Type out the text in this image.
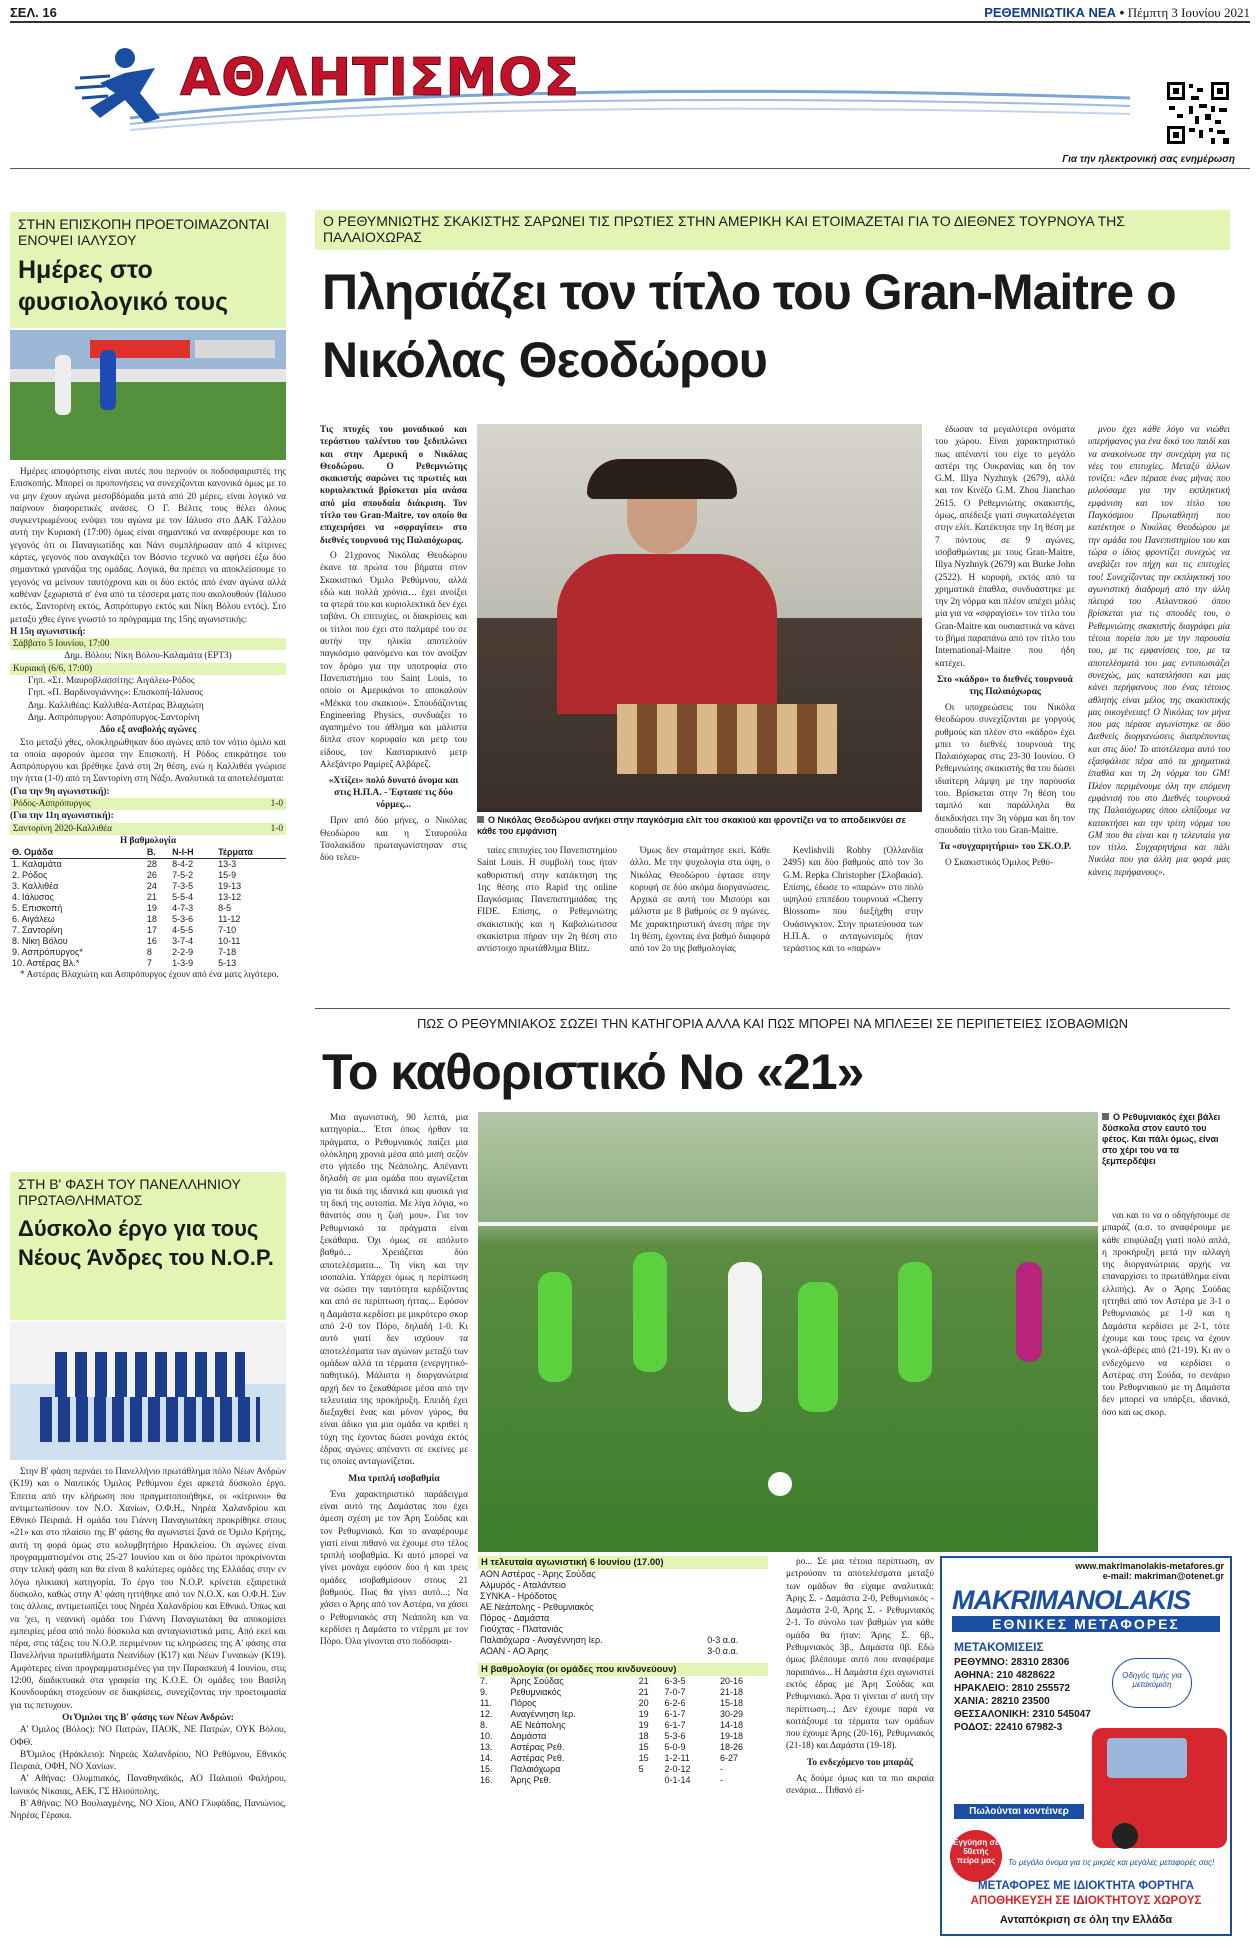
ΣΕΛ. 16	ΡΕΘΕΜΝΙΩΤΙΚΑ ΝΕΑ • Πέμπτη 3 Ιουνίου 2021
ΑΘΛΗΤΙΣΜΟΣ
Για την ηλεκτρονική σας ενημέρωση
ΣΤΗΝ ΕΠΙΣΚΟΠΗ ΠΡΟΕΤΟΙΜΑΖΟΝΤΑΙ ΕΝΟΨΕΙ ΙΑΛΥΣΟΥ
Ημέρες στο φυσιολογικό τους

Ημέρες αποφόρτισης είναι αυτές που περνούν οι ποδοσφαιριστές της Επισκοπής. Μπορεί οι προπονήσεις να συνεχίζονται κανονικά όμως με το να μην έχουν αγώνα μεσοβδόμαδα μετά από 20 μέρες, είναι λογικό να παίρνουν διαφορετικές ανάσες. Ο Γ. Βέλιτς τους θέλει όλους συγκεντρωμένους ενόψει του αγώνα με τον Ιάλυσο στο ΔΑΚ Γάλλου αυτή την Κυριακή (17:00) όμως είναι σημαντικό να αναφέρουμε και το γεγονός ότι οι Παναγιωτίδης και Νάνι συμπλήρωσαν από 4 κίτρινες κάρτες, γεγονός που αναγκάζει τον Βόσνιο τεχνικό να αφήσει έξω δύο σημαντικά γρανάζια της ομάδας. Λογικά, θα πρέπει να αποκλείσουμε το γεγονός να μείνουν ταυτόχρονα και οι δύο εκτός από έναν αγώνα αλλά καθέναν ξεχωριστά σ' ένα από τα τέσσερα ματς που ακολουθούν (Ιάλυσο εκτός, Σαντορίνη εκτός, Ασπρόπυργο εκτός και Νίκη Βόλου εντός). Στο μεταξύ χθες έγινε γνωστό το πρόγραμμα της 15ης αγωνιστικής:

Η 15η αγωνιστική:
Σάββατο 5 Ιουνίου, 17:00
Δημ. Βόλου: Νίκη Βόλου-Καλαμάτα (ΕΡΤ3)
Κυριακή (6/6, 17:00)
Γηπ. «Στ. Μαυροβλασσίτης: Αιγάλεω-Ρόδος
Γηπ. «Π. Βαρδινογιάννης»: Επισκοπή-Ιάλυσος
Δημ. Καλλιθέας: Καλλιθέα-Αστέρας Βλαχιώτη
Δημ. Ασπρόπυργου: Ασπρόπυργος-Σαντορίνη
Δύο εξ αναβολής αγώνες

Στο μεταξύ χθες, ολοκληρώθηκαν δύο αγώνες από τον νότιο όμιλο και τα οποία αφορούν άμεσα την Επισκοπή. Η Ρόδος επικράτησε του Ασπρόπυργου και βρέθηκε ξανά στη 2η θέση, ενώ η Καλλιθέα γνώρισε την ήττα (1-0) από τη Σαντορίνη στη Νάξο. Αναλυτικά τα αποτελέσματα:

(Για την 9η αγωνιστική):
Ρόδος-Ασπρόπυργος	1-0
(Για την 11η αγωνιστική):
Σαντορίνη 2020-Καλλιθέα	1-0
Η βαθμολογία
Θ. Ομάδα	Β.	Ν-Ι-Η	Τέρματα
1. Καλαμάτα	28	8-4-2	13-3
2. Ρόδος	26	7-5-2	15-9
3. Καλλιθέα	24	7-3-5	19-13
4. Ιάλυσος	21	5-5-4	13-12
5. Επισκοπή	19	4-7-3	8-5
6. Αιγάλεω	18	5-3-6	11-12
7. Σαντορίνη	17	4-5-5	7-10
8. Νίκη Βόλου	16	3-7-4	10-11
9. Ασπρόπυργος*	8	2-2-9	7-18
10. Αστέρας Βλ.*	7	1-3-9	5-13

* Αστέρας Βλαχιώτη και Ασπρόπυργος έχουν από ένα ματς λιγότερο.

ΣΤΗ Β' ΦΑΣΗ ΤΟΥ ΠΑΝΕΛΛΗΝΙΟΥ ΠΡΩΤΑΘΛΗΜΑΤΟΣ
Δύσκολο έργο για τους Νέους Άνδρες του Ν.Ο.Ρ.

Στην Β' φάση περνάει το Πανελλήνιο πρωτάθλημα πόλο Νέων Ανδρών (Κ19) και ο Ναυτικός Όμιλος Ρεθύμνου έχει αρκετά δύσκολο έργο. Έπειτα από την κλήρωση που πραγματοποιήθηκε, οι «κίτρινοι» θα αντιμετωπίσουν τον Ν.Ο. Χανίων, Ο.Φ.Η., Νηρέα Χαλανδρίου και Εθνικό Πειραιά. Η ομάδα του Γιάννη Παναγιωτάκη προκρίθηκε στους «21» και στο πλαίσιο της Β' φάσης θα αγωνιστεί ξανά σε Όμιλο Κρήτης, αυτή τη φορά όμως στο κολυμβητήριο Ηρακλείου. Οι αγώνες είναι προγραμματισμένοι στις 25-27 Ιουνίου και οι δύο πρώτοι προκρίνονται στην τελική φάση και θα είναι 8 καλύτερες ομάδες της Ελλάδας στην εν λόγω ηλικιακή κατηγορία. Το έργο του Ν.Ο.Ρ. κρίνεται εξαιρετικά δύσκολο, καθώς στην Α' φάση ηττήθηκε από τον Ν.Ο.Χ. και Ο.Φ.Η. Συν τοις άλλοις, αντιμετωπίζει τους Νηρέα Χαλανδρίου και Εθνικό. Όπως και να 'χει, η νεανική ομάδα του Γιάννη Παναγιωτάκη θα αποκομίσει εμπειρίες μέσα από πολύ δύσκολα και ανταγωνιστικά ματς. Από εκεί και πέρα, στις τάξεις του Ν.Ο.Ρ. περιμένουν τις κληρώσεις της Α' φάσης στα Πανελλήνια πρωταθλήματα Νεανίδων (Κ17) και Νέων Γυναικών (Κ19). Αμφότερες είναι προγραμματισμένες για την Παρασκευή 4 Ιουνίου, στις 12:00, διαδικτυακά στα γραφεία της Κ.Ο.Ε. Οι ομάδες του Βασίλη Κουνδουράκη στοχεύουν σε διακρίσεις, συνεχίζοντας την προετοιμασία για τις πετυχουν.

Οι Όμιλοι της Β' φάσης των Νέων Ανδρών:

Α' Όμιλος (Βόλος): ΝΟ Πατρών, ΠΑΟΚ, ΝΕ Πατρών, ΟΥΚ Βόλου, ΟΦΘ.

Β'Όμιλος (Ηράκλειο): Νηρεάς Χαλανδρίου, ΝΟ Ρεθύμνου, Εθνικός Πειραιά, ΟΦΗ, ΝΟ Χανίων.

Α' Αθήνας: Ολυμπιακός, Παναθηναϊκός, ΑΟ Παλαιού Φαλήρου, Ιωνικός Νίκαιας, ΑΕΚ, ΓΣ Ηλιούπολης.

Β' Αθήνας: ΝΟ Βουλιαγμένης, ΝΟ Χίου, ΑΝΟ Γλυφάδας, Πανιώνιος, Νηρέας Γέρακα.

Ο ΡΕΘΥΜΝΙΩΤΗΣ ΣΚΑΚΙΣΤΗΣ ΣΑΡΩΝΕΙ ΤΙΣ ΠΡΩΤΙΕΣ ΣΤΗΝ ΑΜΕΡΙΚΗ ΚΑΙ ΕΤΟΙΜΑΖΕΤΑΙ ΓΙΑ ΤΟ ΔΙΕΘΝΕΣ ΤΟΥΡΝΟΥΑ ΤΗΣ ΠΑΛΑΙΟΧΩΡΑΣ
Πλησιάζει τον τίτλο του Gran-Maitre ο Νικόλας Θεοδώρου
Τις πτυχές του μοναδικού και τεράστιου ταλέντου του ξεδιπλώνει και στην Αμερική ο Νικόλας Θεοδώρου. Ο Ρεθεμνιώτης σκακιστής σαρώνει τις πρωτιές και κυριολεκτικά βρίσκεται μία ανάσα από μία σπουδαία διάκριση. Τον τίτλο του Gran-Maitre, τον οποίο θα επιχειρήσει να «σφραγίσει» στο διεθνές τουρνουά της Παλαιόχωρας.

Ο 21χρονος Νικόλας Θεοδώρου έκανε τα πρώτα του βήματα στον Σκακιστικό Όμιλο Ρεθύμνου, αλλά εδώ και πολλά χρόνια… έχει ανοίξει τα φτερά του και κυριολεκτικά δεν έχει ταβάνι. Οι επιτυχίες, οι διακρίσεις και οι τίτλοι που έχει στο παλμαρέ του σε αυτήν την ηλικία αποτελούν παγκόσμιο φαινόμενο και τον ανοίξαν τον δρόμο για την υποτροφία στο Πανεπιστήμιο του Saint Louis, το οποίο οι Αμερικάνοι το αποκαλούν «Μέκκα του σκακιού». Σπουδάζοντας Engineering Physics, συνδυάζει το αγαπημένο του άθλημα και μάλιστα δίπλα στον κορυφαίο και μετρ του είδους, τον Κασταρικανό μετρ Αλεξάντρο Ραμίρεζ Αλβάρεζ.

«Χτίζει» πολύ δυνατό όνομα και στις Η.Π.Α. - Έφτασε τις δύο νόρμες...

Πριν από δύο μήνες, ο Νικόλας Θεοδώρου και η Σταυρούλα Τσολακίδου πρωταγωνίστησαν στις δύο τελευ-

Ο Νικόλας Θεοδώρου ανήκει στην παγκόσμια ελίτ του σκακιού και φροντίζει να το αποδεικνύει σε κάθε του εμφάνιση

ταίες επιτυχίες του Πανεπιστημίου Saint Louis. Η συμβολή τους ήταν καθοριστική στην κατάκτηση της 1ης θέσης στο Rapid της online Παγκόσμιας Πανεπιστημιάδας της FIDE. Επίσης, ο Ρεθεμνιώτης σκακιστικής και η Καβαλιώτισσα σκακίστρια πήραν την 2η θέση στο αντίστοιχο πρωτάθλημα Blitz.

Όμως δεν σταμάτησε εκεί. Κάθε άλλο. Με την ψυχολογία στα ύψη, ο Νικόλας Θεοδώρου έφτασε στην κορυφή σε δύο ακόμα διοργανώσεις. Αρχικά σε αυτή του Μισούρι και μάλιστα με 8 βαθμούς σε 9 αγώνες. Με χαρακτηριστική άνεση πήρε την 1η θέση, έχοντας ένα βαθμό διαφορά από τον 2ο της βαθμολογίας

Kevlishvili Robby (Ολλανδία 2495) και δύο βαθμούς από τον 3ο G.M. Repka Christopher (Σλοβακία). Επίσης, έδωσε το «παρών» στο πολύ υψηλού επιπέδου τουρνουά «Cherry Blossom» που διεξήχθη στην Ουάσινγκτον. Στην πρωτεύουσα των Η.Π.Α. ο ανταγωνισμός ήταν τεράστιος και το «παρών»

έδωσαν τα μεγαλύτερα ονόματα του χώρου. Είναι χαρακτηριστικό πως απέναντί του είχε το μεγάλο αστέρι της Ουκρανίας και δη τον G.M. Illya Nyzhnyk (2679), αλλά και τον Κινέζο G.M. Zhou Jianchao 2615. Ο Ρεθεμνιώτης σκακιστής, όμως, απέδειξε γιατί συγκαταλέγεται στην ελίτ. Κατέκτησε την 1η θέση με 7 πόντους σε 9 αγώνες, ισοβαθμώντας με τους Gran-Maitre, Illya Nyzhnyk (2679) και Burke John (2522). Η κορυφή, εκτός από τα χρηματικά έπαθλα, συνδυάστηκε με την 2η νόρμα και πλέον απέχει μόλις μία για να «σφραγίσει» τον τίτλο του Gran-Maitre και ουσιαστικά να κάνει το βήμα παραπάνω από τον τίτλο του International-Maitre που ήδη κατέχει.

Στο «κάδρο» το διεθνές τουρνουά της Παλαιόχωρας

Οι υποχρεώσεις του Νικόλα Θεοδώρου συνεχίζονται με γοργούς ρυθμούς και πλέον στο «κάδρο» έχει μπει το διεθνές τουρνουά της Παλαιόχωρας στις 23-30 Ιουνίου. Ο Ρεθεμνιώτης σκακιστής θα του δώσει ιδιαίτερη λάμψη με την παρουσία του. Βρίσκεται στην 7η θέση του ταμπλό και παράλληλα θα διεκδικήσει την 3η νόρμα και δη τον σπουδαίο τίτλο του Gran-Maitre.

Τα «συγχαρητήρια» του ΣΚ.Ο.Ρ.

Ο Σκακιστικός Όμιλος Ρεθύ-

μνου έχει κάθε λόγο να νιώθει υπερήφανος για ένα δικό του παιδί και να ανακοίνωσε την συνεχάρη για τις νέες του επιτυχίες. Μεταξύ άλλων τονίζει: «Δεν πέρασε ένας μήνας που μιλούσαμε για την εκπληκτική εμφάνιση και τον τίτλο του Παγκόσμιου Πρωταθλητή που κατέκτησε ο Νικόλας Θεοδώρου με την ομάδα του Πανεπιστημίου του και τώρα ο ίδιος φροντίζει συνεχώς να ανεβάζει τον πήχη και τις επιτυχίες του! Συνεχίζοντας την εκπληκτική του αγωνιστική διαδρομή από την άλλη πλευρά του Ατλαντικού όπου βρίσκεται για τις σπουδές του, ο Ρεθεμνιώτης σκακιστής διαγράφει μία τέτοια πορεία που με την παρουσία του, με τις εμφανίσεις του, με τα αποτελέσματά του μας εντυπωσιάζει συνεχώς, μας καταπλήσσει και μας κάνει περήφανους που ένας τέτοιος αθλητής είναι μέλος της σκακιστικής μας οικογένειας! Ο Νικόλας τον μήνα που μας πέρασε αγωνίστηκε σε δύο Διεθνείς διοργανώσεις διαπρέποντας και στις δύο! Το αποτέλεσμα αυτό του εξασφάλισε πέρα από τα χρηματικά έπαθλα και τη 2η νόρμα του GM! Πλέον περιμένουμε όλη την επόμενη εμφάνισή του στο Διεθνές τουρνουά της Παλαιόχωρας όπου ελπίζουμε να κατακτήσει και την τρίτη νόρμα του GM που θα είναι και η τελευταία για τον τίτλο. Συγχαρητήρια και πάλι Νικόλα που για άλλη μια φορά μας κάνεις περήφανους».

ΠΩΣ Ο ΡΕΘΥΜΝΙΑΚΟΣ ΣΩΖΕΙ ΤΗΝ ΚΑΤΗΓΟΡΙΑ ΑΛΛΑ ΚΑΙ ΠΩΣ ΜΠΟΡΕΙ ΝΑ ΜΠΛΕΞΕΙ ΣΕ ΠΕΡΙΠΕΤΕΙΕΣ ΙΣΟΒΑΘΜΙΩΝ
Το καθοριστικό Νο «21»

Μια αγωνιστική, 90 λεπτά, μια κατηγορία... Έτσι όπως ήρθαν τα πράγματα, ο Ρεθυμνιακός παίζει μια ολόκληρη χρονιά μέσα από μισή σεζόν στο γήπεδο της Νεάπολης. Απέναντι δηλαδή σε μια ομάδα που αγωνίζεται για τα δικά της ιδανικά και φυσικά για τη δική της ουτοπία. Με λίγα λόγια, «ο θάνατός σου η ζωή μου». Για τον Ρεθυμνιακό τα πράγματα είναι ξεκάθαρα. Όχι όμως σε απόλυτο βαθμό... Χρειάζεται δύο αποτελέσματα... Τη νίκη και την ισοπαλία. Υπάρχει όμως η περίπτωση να σώσει την ταυτότητα κερδίζοντας και από σε περίπτωση ήττας... Εφόσον η Δαμάστα κερδίσει με μικρότερο σκορ από 2-0 τον Πόρο, δηλαδή 1-0. Κι αυτό γιατί δεν ισχύουν τα αποτελέσματα των αγώνων μεταξύ των ομάδων αλλά τα τέρματα (ενεργητικό-παθητικό). Μάλιστα η διοργανώτρια αρχή δεν το ξεκαθάρισε μέσα από την τελευταία της προκήρυξη. Επειδή έχει διεξαχθεί ένας και μόνον γύρος, θα είναι άδικο για μια ομάδα να κριθεί η τύχη της έχοντας δώσει μονάχα εκτός έδρας αγώνες απέναντι σε εκείνες με τις οποίες ανταγωνίζεται.

Μια τριπλή ισοβαθμία

Ένα χαρακτηριστικό παράδειγμα είναι αυτό της Δαμάστας που έχει άμεση σχέση με τον Άρη Σούδας και τον Ρεθυμνιακό. Και το αναφέρουμε γιατί είναι πιθανό να έχουμε στο τέλος τριπλή ισοβαθμία. Κι αυτό μπορεί να γίνει μονάχα εφόσον δύο ή και τρεις ομάδες ισοβαθμίσουν στους 21 βαθμούς. Πως θα γίνει αυτό...; Να χάσει ο Άρης από τον Αστέρα, να χάσει ο Ρεθυμνιακός στη Νεάπολη και να κερδίσει η Δαμάστα το ντέρμπι με τον Πόρο. Όλα γίνονται στο ποδόσφαι-

Ο Ρεθυμνιακός έχει βάλει δύσκολα στον εαυτό του φέτος. Και πάλι όμως, είναι στο χέρι του να τα ξεμπερδέψει

ναι και το να ο οδηγήσουμε σε μπαράζ (α.σ. το αναφέρουμε με κάθε επιφύλαξη γιατί πολύ απλά, η προκήρυξη μετά την αλλαγή της διοργανώτριας αρχής να επαναρχίσει το πρωτάθλημα είναι ελλιπής). Αν ο Άρης Σούδας ηττηθεί από τον Αστέρα με 3-1 ο Ρεθυμνιακός με 1-0 και η Δαμάστα κερδίσει με 2-1, τότε έχουμε και τους τρεις να έχουν γκολ-άβερες από (21-19). Κι αν ο ενδεχόμενο να κερδίσει ο Αστέρας στη Σούδα, το σενάριο του Ρεθυμνιακού με τη Δαμάστα δεν μπορεί να υπάρξει, ιδανικά, όσο και ως σκορ.

Η τελευταία αγωνιστική 6 Ιουνίου (17.00)
ΑΟΝ Αστέρας - Άρης Σούδας	
Αλμυρός - Αταλάντειο	
ΣΥΝΚΑ - Ηρόδοτος	
ΑΕ Νεάπολης - Ρεθυμνιακός	
Πόρος - Δαμάστα	
Γιούχτας - Πλατανιάς	
Παλαιόχωρα - Αναγέννηση Ιερ.	0-3 α.α.
ΑΟΑΝ - ΑΟ Άρης	3-0 α.α.
Η βαθμολογία (οι ομάδες που κινδυνεύουν)
7.	Άρης Σούδας	21	6-3-5	20-16
9.	Ρεθυμνιακός	21	7-0-7	21-18
11.	Πόρος	20	6-2-6	15-18
12.	Αναγέννηση Ιερ.	19	6-1-7	30-29
8.	ΑΕ Νεάπολης	19	6-1-7	14-18
10.	Δαμάστα	18	5-3-6	19-18
13.	Αστέρας Ρεθ.	15	5-0-9	18-26
14.	Αστέρας Ρεθ.	15	1-2-11	6-27
15.	Παλαιόχωρα	5	2-0-12	-
16.	Άρης Ρεθ.		0-1-14	-

ρο... Σε μια τέτοια περίπτωση, αν μετρούσαν τα αποτελέσματα μεταξύ των ομάδων θα είχαμε αναλυτικά: Άρης Σ. - Δαμάστα 2-0, Ρεθυμνιακός - Δαμάστα 2-0, Άρης Σ. - Ρεθυμνιακός 2-1. Το σύνολο των βαθμών για κάθε ομάδα θα ήταν: Άρης Σ. 6β., Ρεθυμνιακός 3β., Δαμάστα 0β. Εδώ όμως βλέπουμε αυτό που αναφέραμε παραπάνω... Η Δαμάστα έχει αγωνιστεί εκτός έδρας με Άρη Σούδας και Ρεθυμνιακό. Άρα τι γίνεται σ' αυτή την περίπτωση...; Δεν έχουμε παρά να κοιτάξουμε τα τέρματα των ομάδων που έχουμε Άρης (20-16), Ρεθυμνιακός (21-18) και Δαμάστα (19-18).

Το ενδεχόμενο του μπαράζ

Ας δούμε όμως και τα πιο ακραία σενάρια... Πιθανό εί-

www.makrimanolakis-metafores.gr
e-mail: makriman@otenet.gr
MAKRIMANOLAKIS
ΕΘΝΙΚΕΣ ΜΕΤΑΦΟΡΕΣ
ΜΕΤΑΚΟΜΙΣΕΙΣ
ΡΕΘΥΜΝΟ: 28310 28306
ΑΘΗΝΑ: 210 4828622
ΗΡΑΚΛΕΙΟ: 2810 255572
ΧΑΝΙΑ: 28210 23500
ΘΕΣΣΑΛΟΝΙΚΗ: 2310 545047
ΡΟΔΟΣ: 22410 67982-3
Οδηγός τιμής για μετακόμιση
Πωλούνται κοντέινερ
Εγγύηση σε 50ετής πείρα μας	Το μεγάλο όνομα για τις μικρές και μεγάλες μεταφορές σας!
ΜΕΤΑΦΟΡΕΣ ΜΕ ΙΔΙΟΚΤΗΤΑ ΦΟΡΤΗΓΑ
ΑΠΟΘΗΚΕΥΣΗ ΣΕ ΙΔΙΟΚΤΗΤΟΥΣ ΧΩΡΟΥΣ
Ανταπόκριση σε όλη την Ελλάδα
